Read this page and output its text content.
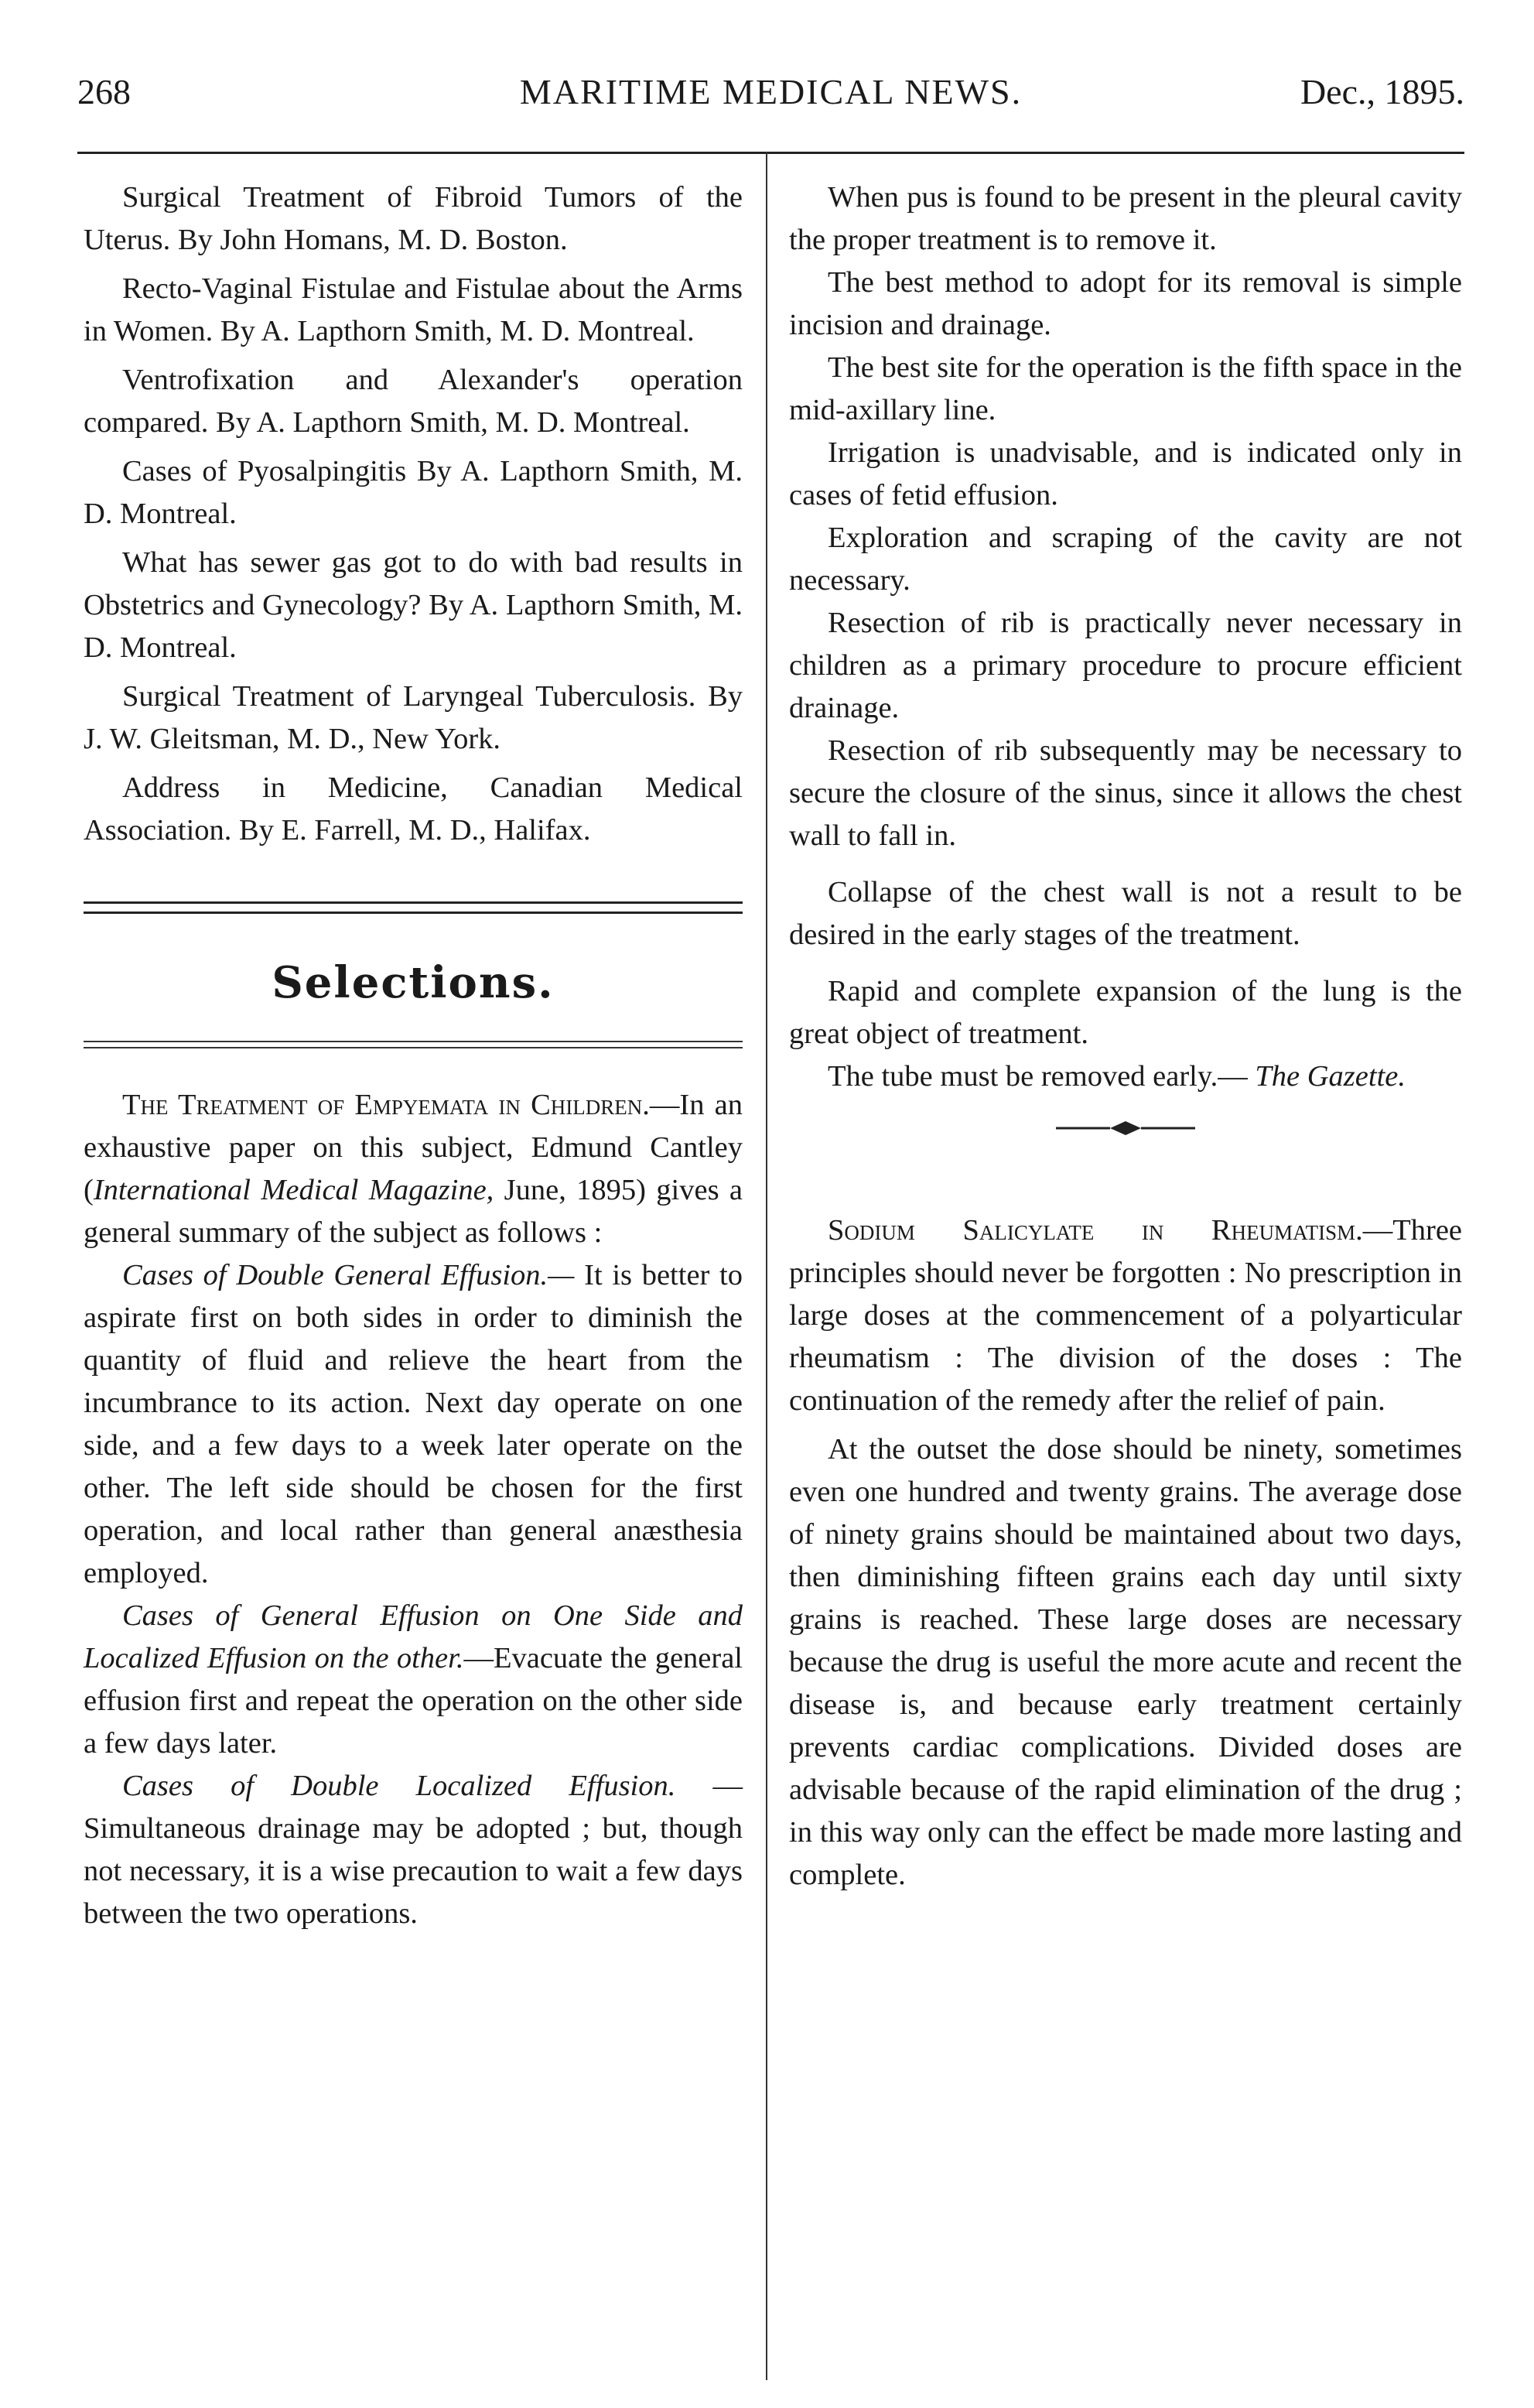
268	MARITIME MEDICAL NEWS.	Dec., 1895.

Surgical Treatment of Fibroid Tumors of the Uterus. By John Homans, M. D. Boston.

Recto-Vaginal Fistulae and Fistulae about the Arms in Women. By A. Lapthorn Smith, M. D. Montreal.

Ventrofixation and Alexander's operation compared. By A. Lapthorn Smith, M. D. Montreal.

Cases of Pyosalpingitis By A. Lapthorn Smith, M. D. Montreal.

What has sewer gas got to do with bad results in Obstetrics and Gynecology? By A. Lapthorn Smith, M. D. Montreal.

Surgical Treatment of Laryngeal Tuberculosis. By J. W. Gleitsman, M. D., New York.

Address in Medicine, Canadian Medical Association. By E. Farrell, M. D., Halifax.

Selections.

The Treatment of Empyemata in Children.—In an exhaustive paper on this subject, Edmund Cantley (International Medical Magazine, June, 1895) gives a general summary of the subject as follows :

Cases of Double General Effusion.— It is better to aspirate first on both sides in order to diminish the quantity of fluid and relieve the heart from the incumbrance to its action. Next day operate on one side, and a few days to a week later operate on the other. The left side should be chosen for the first operation, and local rather than general anæsthesia employed.

Cases of General Effusion on One Side and Localized Effusion on the other.—Evacuate the general effusion first and repeat the operation on the other side a few days later.

Cases of Double Localized Effusion. —Simultaneous drainage may be adopted ; but, though not necessary, it is a wise precaution to wait a few days between the two operations.

When pus is found to be present in the pleural cavity the proper treatment is to remove it.

The best method to adopt for its removal is simple incision and drainage.

The best site for the operation is the fifth space in the mid-axillary line.

Irrigation is unadvisable, and is indicated only in cases of fetid effusion.

Exploration and scraping of the cavity are not necessary.

Resection of rib is practically never necessary in children as a primary procedure to procure efficient drainage.

Resection of rib subsequently may be necessary to secure the closure of the sinus, since it allows the chest wall to fall in.

Collapse of the chest wall is not a result to be desired in the early stages of the treatment.

Rapid and complete expansion of the lung is the great object of treatment.

The tube must be removed early.— The Gazette.

Sodium Salicylate in Rheumatism.—Three principles should never be forgotten : No prescription in large doses at the commencement of a polyarticular rheumatism : The division of the doses : The continuation of the remedy after the relief of pain.

At the outset the dose should be ninety, sometimes even one hundred and twenty grains. The average dose of ninety grains should be maintained about two days, then diminishing fifteen grains each day until sixty grains is reached. These large doses are necessary because the drug is useful the more acute and recent the disease is, and because early treatment certainly prevents cardiac complications. Divided doses are advisable because of the rapid elimination of the drug ; in this way only can the effect be made more lasting and complete.
